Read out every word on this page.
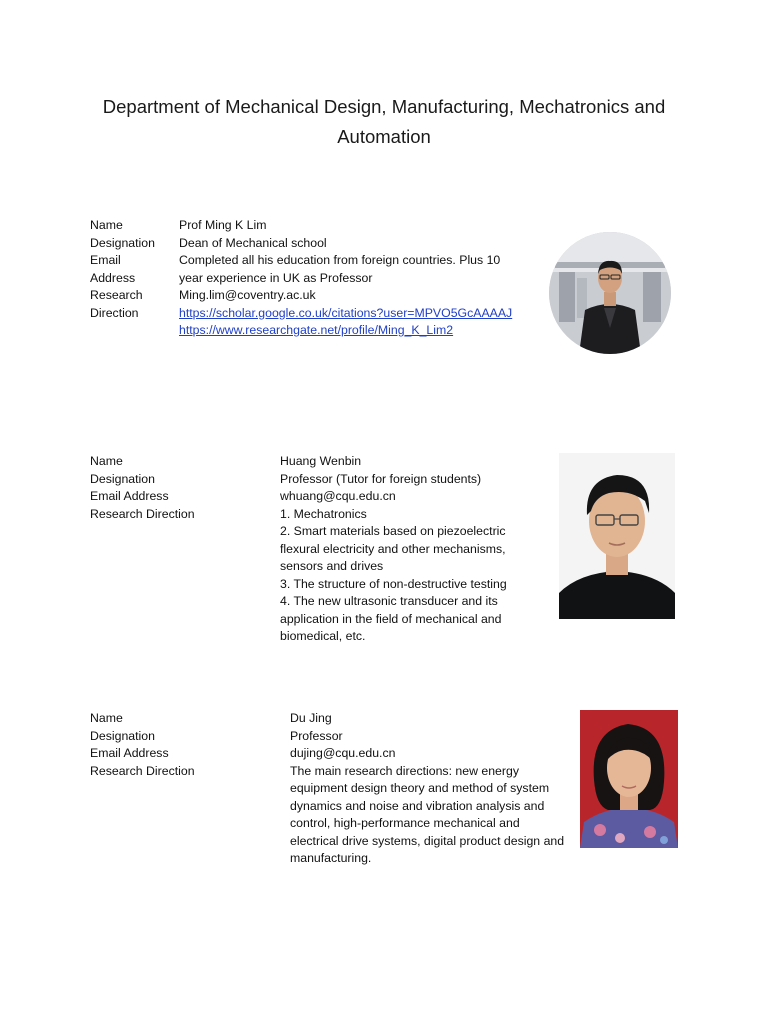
Department of Mechanical Design, Manufacturing, Mechatronics and Automation
Name
Designation
Email
Address
Research
Direction
Prof Ming K Lim
Dean of Mechanical school
Completed all his education from foreign countries. Plus 10
year experience in UK as Professor
Ming.lim@coventry.ac.uk
https://scholar.google.co.uk/citations?user=MPVO5GcAAAAJ
https://www.researchgate.net/profile/Ming_K_Lim2
Name
Designation
Email Address
Research Direction
Huang Wenbin
Professor (Tutor for foreign students)
whuang@cqu.edu.cn
1. Mechatronics
2. Smart materials based on piezoelectric flexural electricity and other mechanisms, sensors and drives
3. The structure of non-destructive testing
4. The new ultrasonic transducer and its application in the field of mechanical and biomedical, etc.
Name
Designation
Email Address
Research Direction
Du Jing
Professor
dujing@cqu.edu.cn
The main research directions: new energy equipment design theory and method of system dynamics and noise and vibration analysis and control, high-performance mechanical and electrical drive systems, digital product design and manufacturing.
